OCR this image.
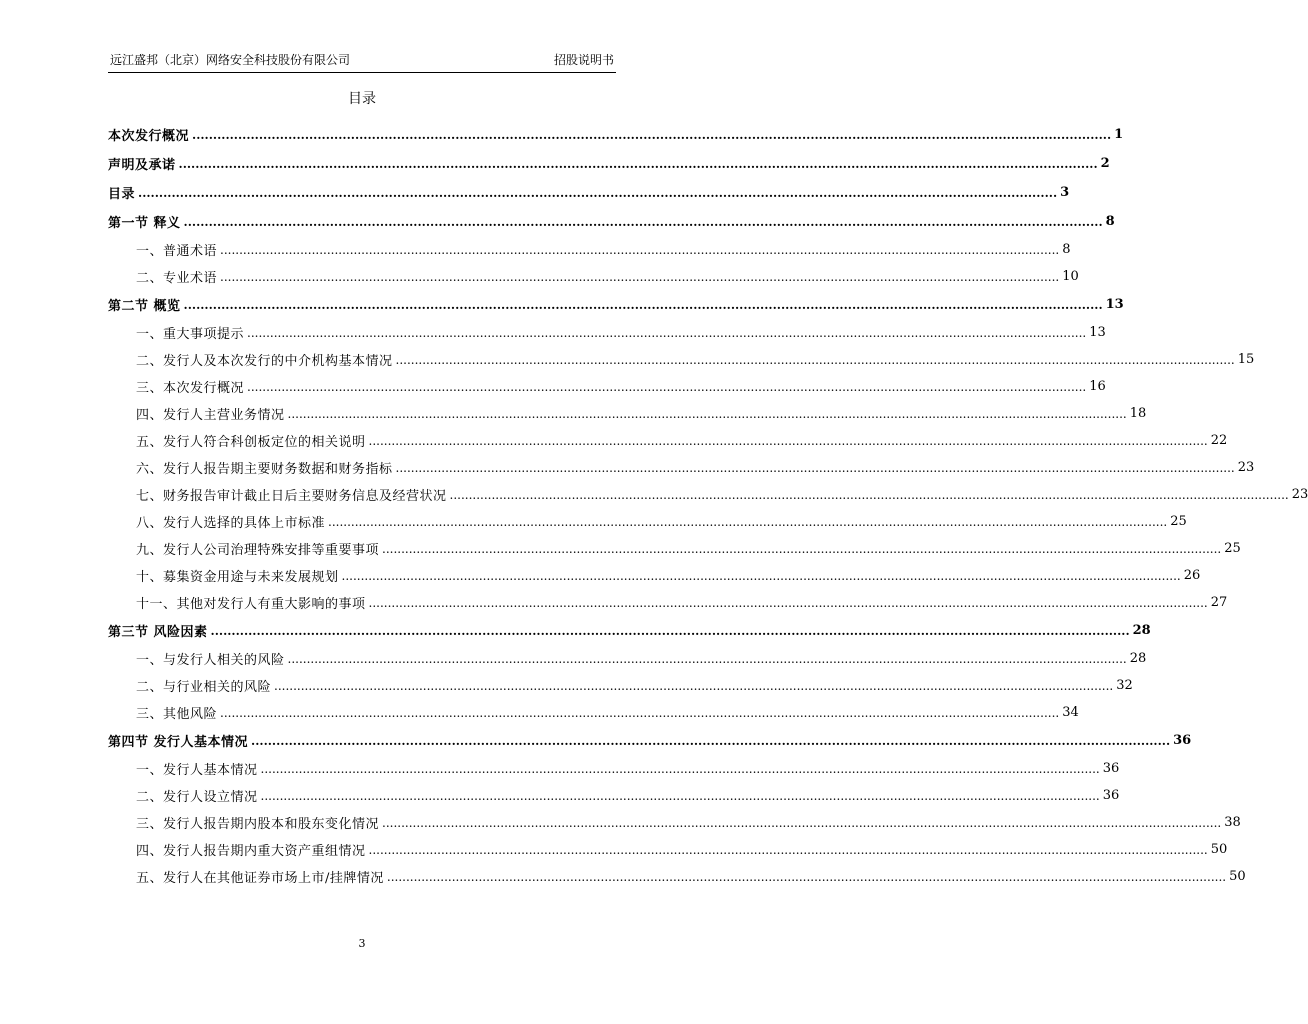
远江盛邦（北京）网络安全科技股份有限公司	招股说明书
目录
本次发行概况 ............................................................................................................................................................................................................................ 1
声明及承诺 ............................................................................................................................................................................................................................ 2
目录 ............................................................................................................................................................................................................................ 3
第一节 释义 ............................................................................................................................................................................................................................ 8
一、普通术语 ............................................................................................................................................................................................................................ 8
二、专业术语 ............................................................................................................................................................................................................................ 10
第二节 概览 ............................................................................................................................................................................................................................ 13
一、重大事项提示 ............................................................................................................................................................................................................................ 13
二、发行人及本次发行的中介机构基本情况 ............................................................................................................................................................................................................................ 15
三、本次发行概况 ............................................................................................................................................................................................................................ 16
四、发行人主营业务情况 ............................................................................................................................................................................................................................ 18
五、发行人符合科创板定位的相关说明 ............................................................................................................................................................................................................................ 22
六、发行人报告期主要财务数据和财务指标 ............................................................................................................................................................................................................................ 23
七、财务报告审计截止日后主要财务信息及经营状况 ............................................................................................................................................................................................................................ 23
八、发行人选择的具体上市标准 ............................................................................................................................................................................................................................ 25
九、发行人公司治理特殊安排等重要事项 ............................................................................................................................................................................................................................ 25
十、募集资金用途与未来发展规划 ............................................................................................................................................................................................................................ 26
十一、其他对发行人有重大影响的事项 ............................................................................................................................................................................................................................ 27
第三节 风险因素 ............................................................................................................................................................................................................................ 28
一、与发行人相关的风险 ............................................................................................................................................................................................................................ 28
二、与行业相关的风险 ............................................................................................................................................................................................................................ 32
三、其他风险 ............................................................................................................................................................................................................................ 34
第四节 发行人基本情况 ............................................................................................................................................................................................................................ 36
一、发行人基本情况 ............................................................................................................................................................................................................................ 36
二、发行人设立情况 ............................................................................................................................................................................................................................ 36
三、发行人报告期内股本和股东变化情况 ............................................................................................................................................................................................................................ 38
四、发行人报告期内重大资产重组情况 ............................................................................................................................................................................................................................ 50
五、发行人在其他证券市场上市/挂牌情况 ............................................................................................................................................................................................................................ 50
3
